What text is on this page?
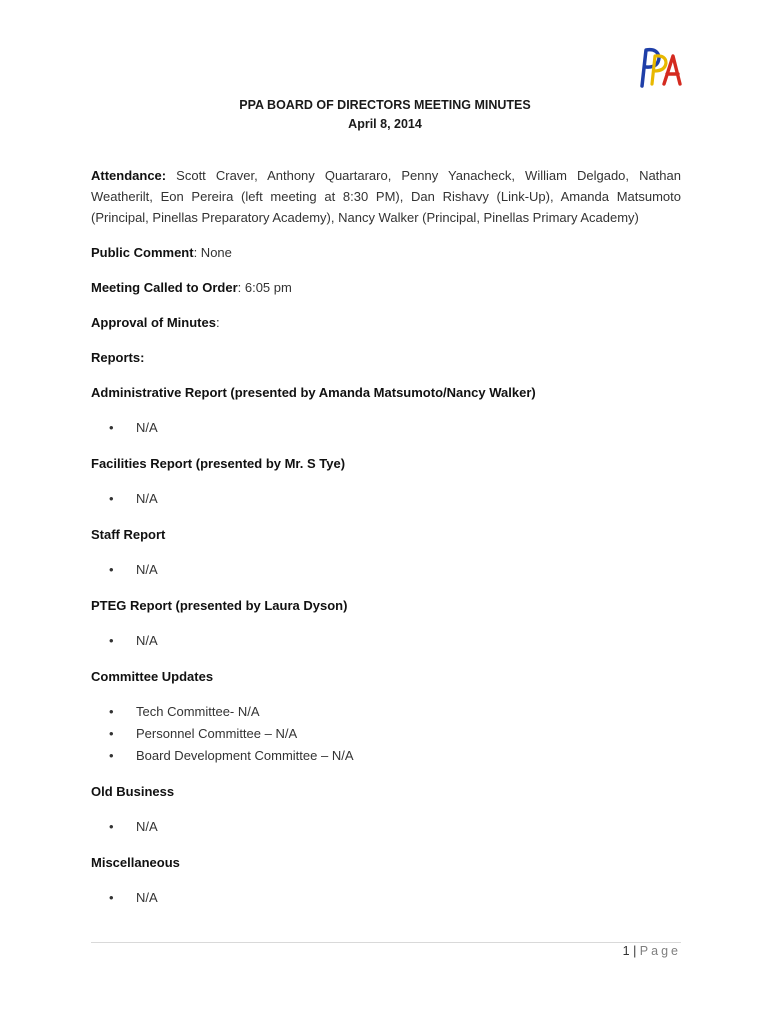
PPA BOARD OF DIRECTORS MEETING MINUTES
April 8, 2014

Attendance: Scott Craver, Anthony Quartararo, Penny Yanacheck, William Delgado, Nathan Weatherilt, Eon Pereira (left meeting at 8:30 PM), Dan Rishavy (Link-Up), Amanda Matsumoto (Principal, Pinellas Preparatory Academy), Nancy Walker (Principal, Pinellas Primary Academy)

Public Comment: None

Meeting Called to Order: 6:05 pm

Approval of Minutes:

Reports:

Administrative Report (presented by Amanda Matsumoto/Nancy Walker)

• N/A

Facilities Report (presented by Mr. S Tye)

• N/A

Staff Report

• N/A

PTEG Report (presented by Laura Dyson)

• N/A

Committee Updates

• Tech Committee- N/A
• Personnel Committee – N/A
• Board Development Committee – N/A

Old Business

• N/A

Miscellaneous

• N/A
1 | Page
